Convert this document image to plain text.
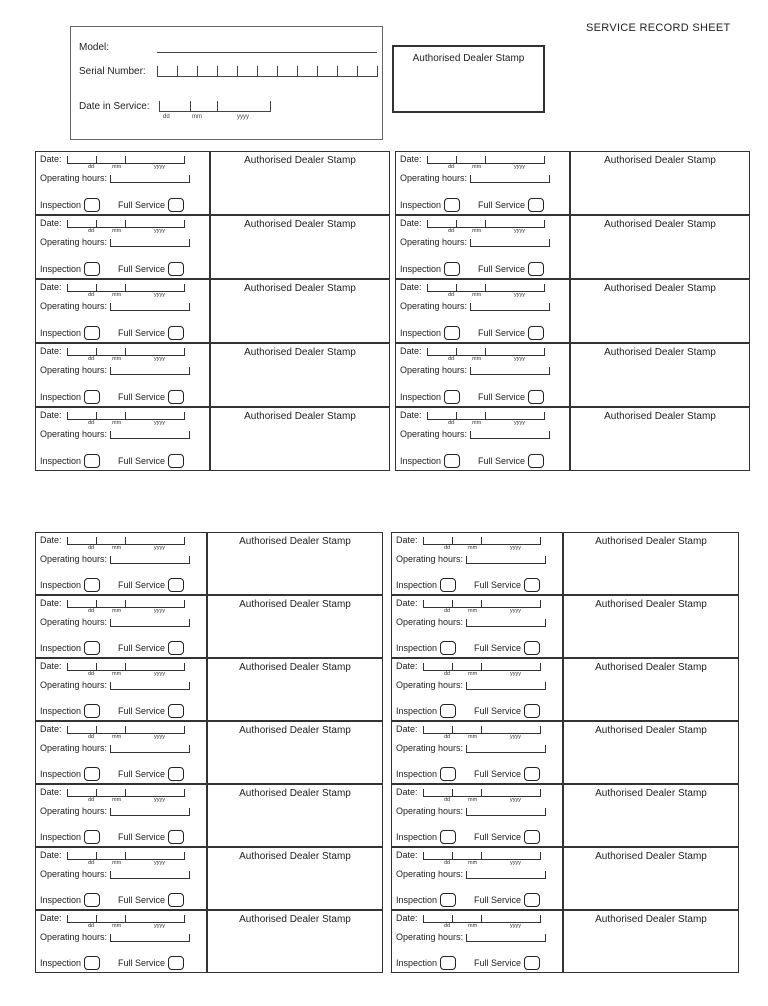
SERVICE RECORD SHEET
Model:
Serial Number:
Date in Service:
dd	mm	yyyy
Authorised Dealer Stamp
Date:
dd	mm	yyyy
Operating hours:
Inspection	Full Service
Authorised Dealer Stamp	Date:
dd	mm	yyyy
Operating hours:
Inspection	Full Service
Authorised Dealer Stamp
Date:
dd	mm	yyyy
Operating hours:
Inspection	Full Service
Authorised Dealer Stamp	Date:
dd	mm	yyyy
Operating hours:
Inspection	Full Service
Authorised Dealer Stamp
Date:
dd	mm	yyyy
Operating hours:
Inspection	Full Service
Authorised Dealer Stamp	Date:
dd	mm	yyyy
Operating hours:
Inspection	Full Service
Authorised Dealer Stamp
Date:
dd	mm	yyyy
Operating hours:
Inspection	Full Service
Authorised Dealer Stamp	Date:
dd	mm	yyyy
Operating hours:
Inspection	Full Service
Authorised Dealer Stamp
Date:
dd	mm	yyyy
Operating hours:
Inspection	Full Service
Authorised Dealer Stamp	Date:
dd	mm	yyyy
Operating hours:
Inspection	Full Service
Authorised Dealer Stamp
Date:
dd	mm	yyyy
Operating hours:
Inspection	Full Service
Authorised Dealer Stamp	Date:
dd	mm	yyyy
Operating hours:
Inspection	Full Service
Authorised Dealer Stamp
Date:
dd	mm	yyyy
Operating hours:
Inspection	Full Service
Authorised Dealer Stamp	Date:
dd	mm	yyyy
Operating hours:
Inspection	Full Service
Authorised Dealer Stamp
Date:
dd	mm	yyyy
Operating hours:
Inspection	Full Service
Authorised Dealer Stamp	Date:
dd	mm	yyyy
Operating hours:
Inspection	Full Service
Authorised Dealer Stamp
Date:
dd	mm	yyyy
Operating hours:
Inspection	Full Service
Authorised Dealer Stamp	Date:
dd	mm	yyyy
Operating hours:
Inspection	Full Service
Authorised Dealer Stamp
Date:
dd	mm	yyyy
Operating hours:
Inspection	Full Service
Authorised Dealer Stamp	Date:
dd	mm	yyyy
Operating hours:
Inspection	Full Service
Authorised Dealer Stamp
Date:
dd	mm	yyyy
Operating hours:
Inspection	Full Service
Authorised Dealer Stamp	Date:
dd	mm	yyyy
Operating hours:
Inspection	Full Service
Authorised Dealer Stamp
Date:
dd	mm	yyyy
Operating hours:
Inspection	Full Service
Authorised Dealer Stamp	Date:
dd	mm	yyyy
Operating hours:
Inspection	Full Service
Authorised Dealer Stamp
